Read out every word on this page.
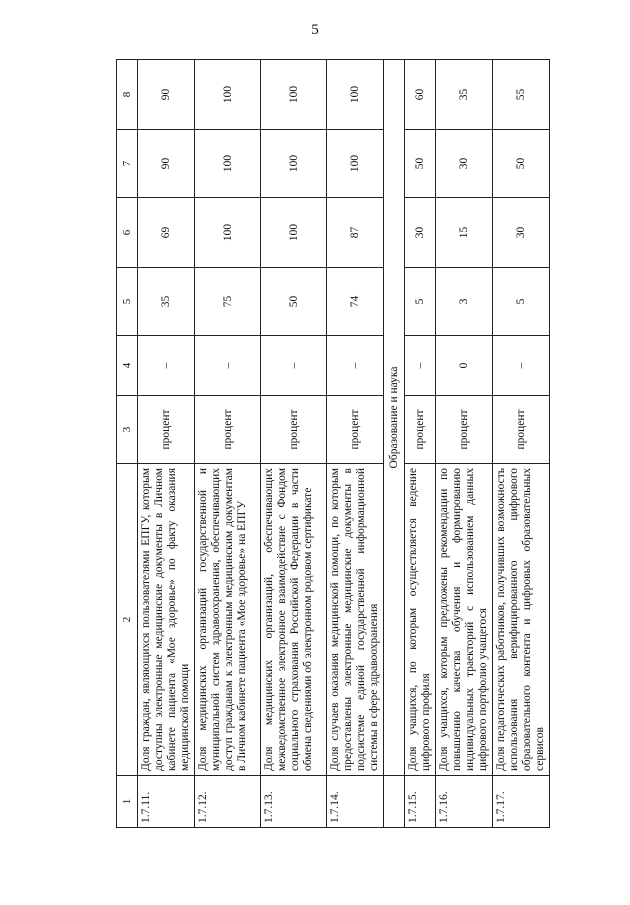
5
1	2	3	4	5	6	7	8
1.7.11.	Доля граждан, являющихся пользователями ЕПГУ, которым доступны электронные медицинские документы в Личном кабинете пациента «Мое здоровье» по факту оказания медицинской помощи	процент	–	35	69	90	90
1.7.12.	Доля медицинских организаций государственной и муниципальной систем здравоохранения, обеспечивающих доступ гражданам к электронным медицинским документам в Личном кабинете пациента «Мое здоровье» на ЕПГУ	процент	–	75	100	100	100
1.7.13.	Доля медицинских организаций, обеспечивающих межведомственное электронное взаимодействие с Фондом социального страхования Российской Федерации в части обмена сведениями об электронном родовом сертификате	процент	–	50	100	100	100
1.7.14.	Доля случаев оказания медицинской помощи, по которым предоставлены электронные медицинские документы в подсистеме единой государственной информационной системы в сфере здравоохранения	процент	–	74	87	100	100
	Образование и наука						
1.7.15.	Доля учащихся, по которым осуществляется ведение цифрового профиля	процент	–	5	30	50	60
1.7.16.	Доля учащихся, которым предложены рекомендации по повышению качества обучения и формированию индивидуальных траекторий с использованием данных цифрового портфолио учащегося	процент	0	3	15	30	35
1.7.17.	Доля педагогических работников, получивших возможность использования верифицированного цифрового образовательного контента и цифровых образовательных сервисов	процент	–	5	30	50	55
